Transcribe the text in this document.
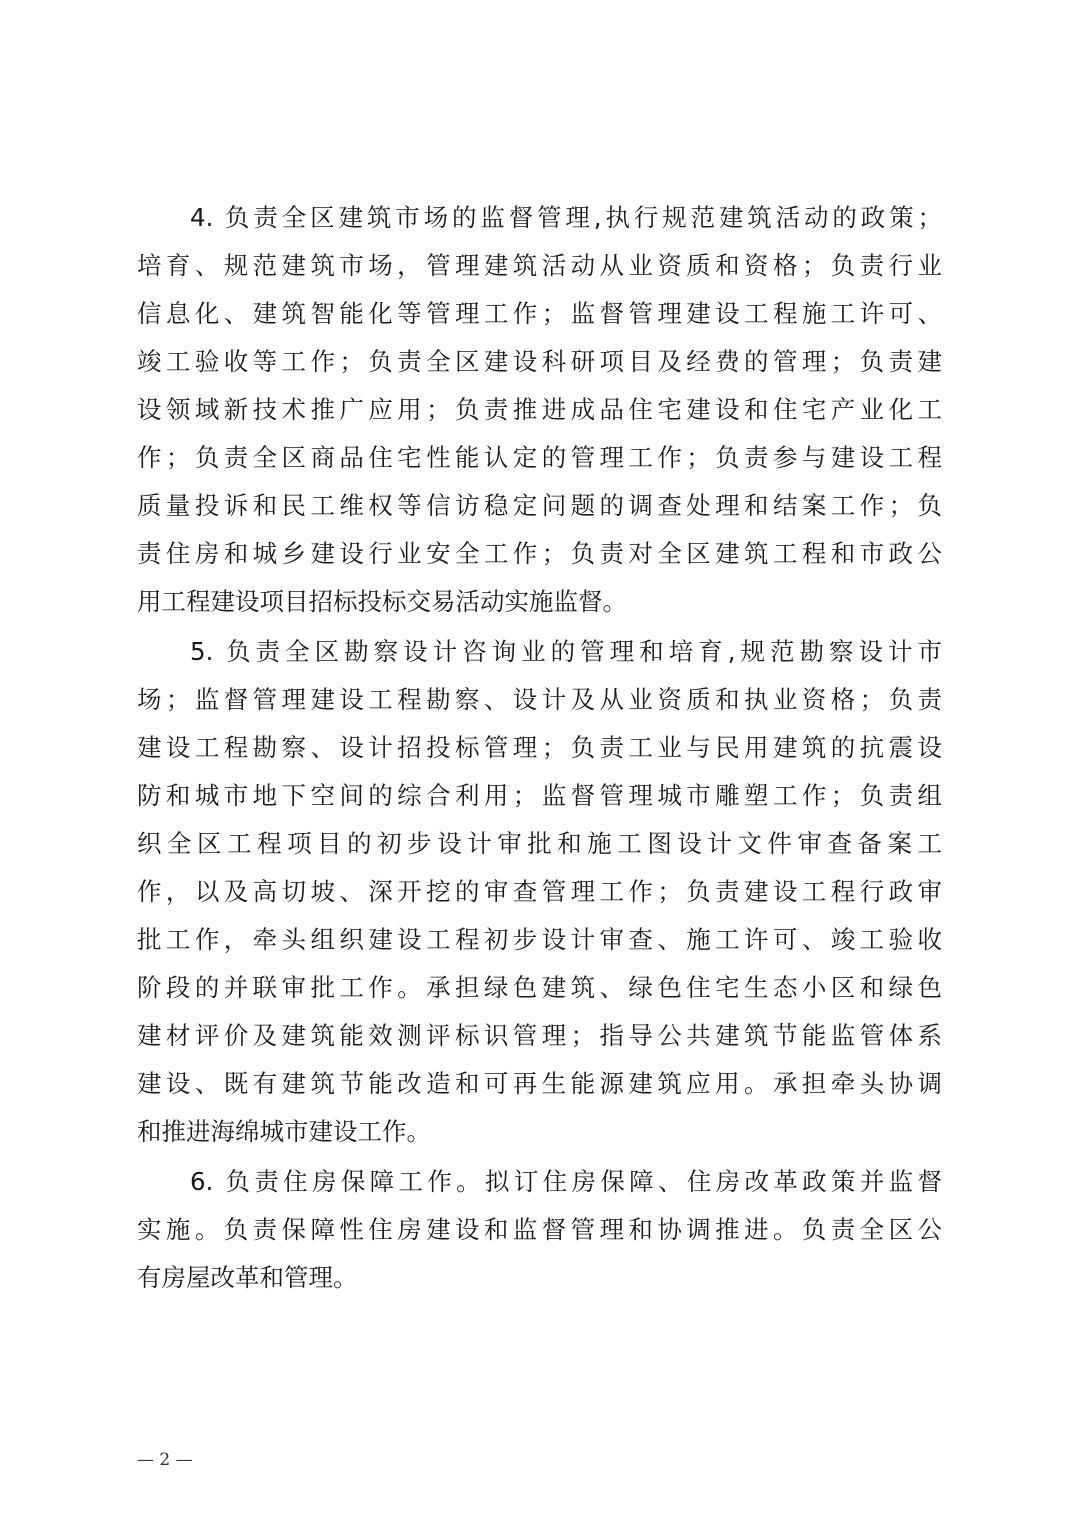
4. 负责全区建筑市场的监督管理,执行规范建筑活动的政策；
培育、规范建筑市场，管理建筑活动从业资质和资格；负责行业
信息化、建筑智能化等管理工作；监督管理建设工程施工许可、
竣工验收等工作；负责全区建设科研项目及经费的管理；负责建
设领域新技术推广应用；负责推进成品住宅建设和住宅产业化工
作；负责全区商品住宅性能认定的管理工作；负责参与建设工程
质量投诉和民工维权等信访稳定问题的调查处理和结案工作；负
责住房和城乡建设行业安全工作；负责对全区建筑工程和市政公
用工程建设项目招标投标交易活动实施监督。
5. 负责全区勘察设计咨询业的管理和培育,规范勘察设计市
场；监督管理建设工程勘察、设计及从业资质和执业资格；负责
建设工程勘察、设计招投标管理；负责工业与民用建筑的抗震设
防和城市地下空间的综合利用；监督管理城市雕塑工作；负责组
织全区工程项目的初步设计审批和施工图设计文件审查备案工
作，以及高切坡、深开挖的审查管理工作；负责建设工程行政审
批工作，牵头组织建设工程初步设计审查、施工许可、竣工验收
阶段的并联审批工作。承担绿色建筑、绿色住宅生态小区和绿色
建材评价及建筑能效测评标识管理；指导公共建筑节能监管体系
建设、既有建筑节能改造和可再生能源建筑应用。承担牵头协调
和推进海绵城市建设工作。
6. 负责住房保障工作。拟订住房保障、住房改革政策并监督
实施。负责保障性住房建设和监督管理和协调推进。负责全区公
有房屋改革和管理。
— 2 —
